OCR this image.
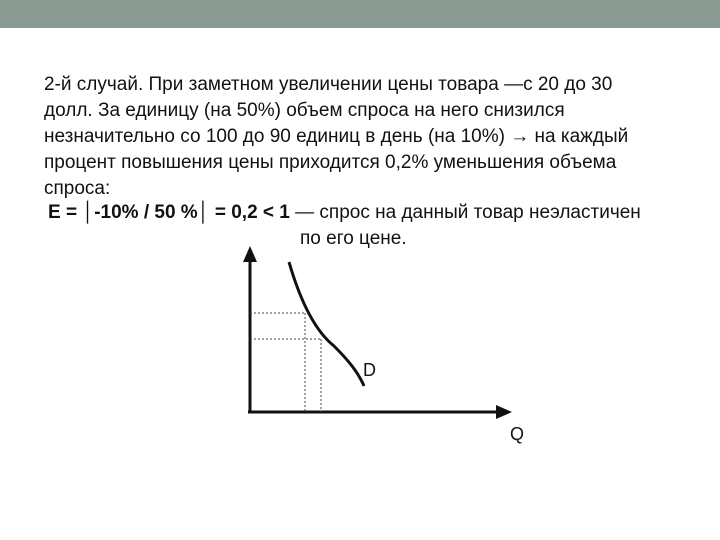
2-й случай. При заметном увеличении цены товара —с 20 до 30
долл. За единицу (на 50%) объем спроса на него снизился
незначительно со 100 до 90 единиц в день (на 10%) → на каждый
процент повышения цены приходится 0,2% уменьшения объема
спроса:
E = │-10% / 50 %│ = 0,2 < 1 — спрос на данный товар неэластичен
по его цене.
D
Q
